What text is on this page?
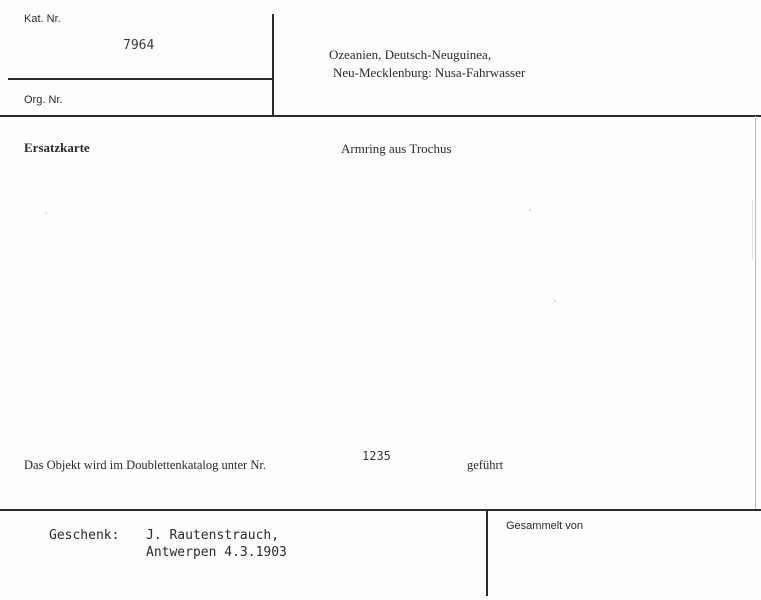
Kat. Nr.
7964
Org. Nr.
Ozeanien, Deutsch-Neuguinea,
Neu-Mecklenburg: Nusa-Fahrwasser
Ersatzkarte	Armring aus Trochus
Das Objekt wird im Doublettenkatalog unter Nr.
1235
geführt
Geschenk: J. Rautenstrauch,
Antwerpen 4.3.1903
Gesammelt von
